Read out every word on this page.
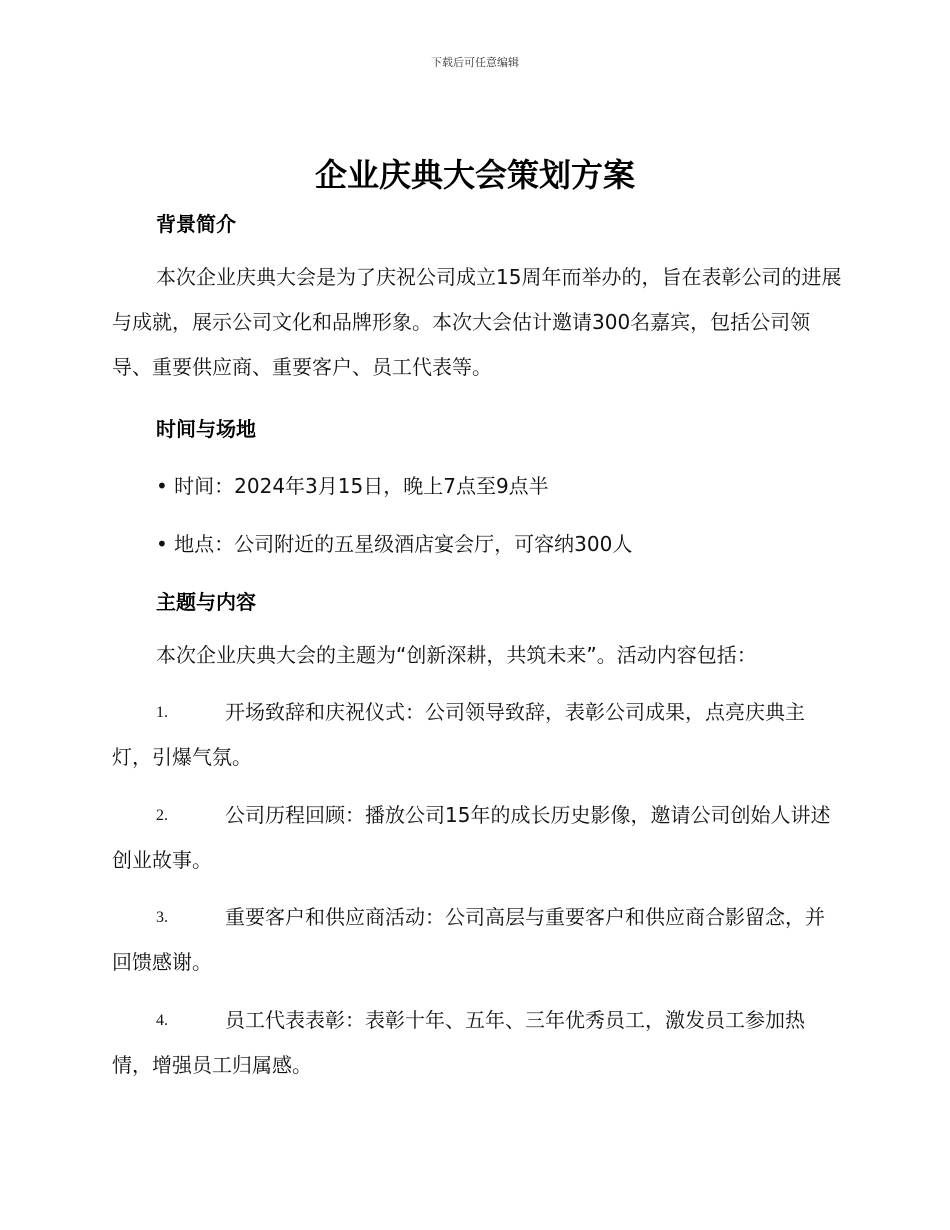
下载后可任意编辑
企业庆典大会策划方案
背景简介

本次企业庆典大会是为了庆祝公司成立15周年而举办的，旨在表彰公司的进展与成就，展示公司文化和品牌形象。本次大会估计邀请300名嘉宾，包括公司领导、重要供应商、重要客户、员工代表等。

时间与场地

• 时间：2024年3月15日，晚上7点至9点半

• 地点：公司附近的五星级酒店宴会厅，可容纳300人

主题与内容

本次企业庆典大会的主题为“创新深耕，共筑未来”。活动内容包括：

1.	开场致辞和庆祝仪式：公司领导致辞，表彰公司成果，点亮庆典主灯，引爆气氛。
2.	公司历程回顾：播放公司15年的成长历史影像，邀请公司创始人讲述创业故事。
3.	重要客户和供应商活动：公司高层与重要客户和供应商合影留念，并回馈感谢。
4.	员工代表表彰：表彰十年、五年、三年优秀员工，激发员工参加热情，增强员工归属感。
